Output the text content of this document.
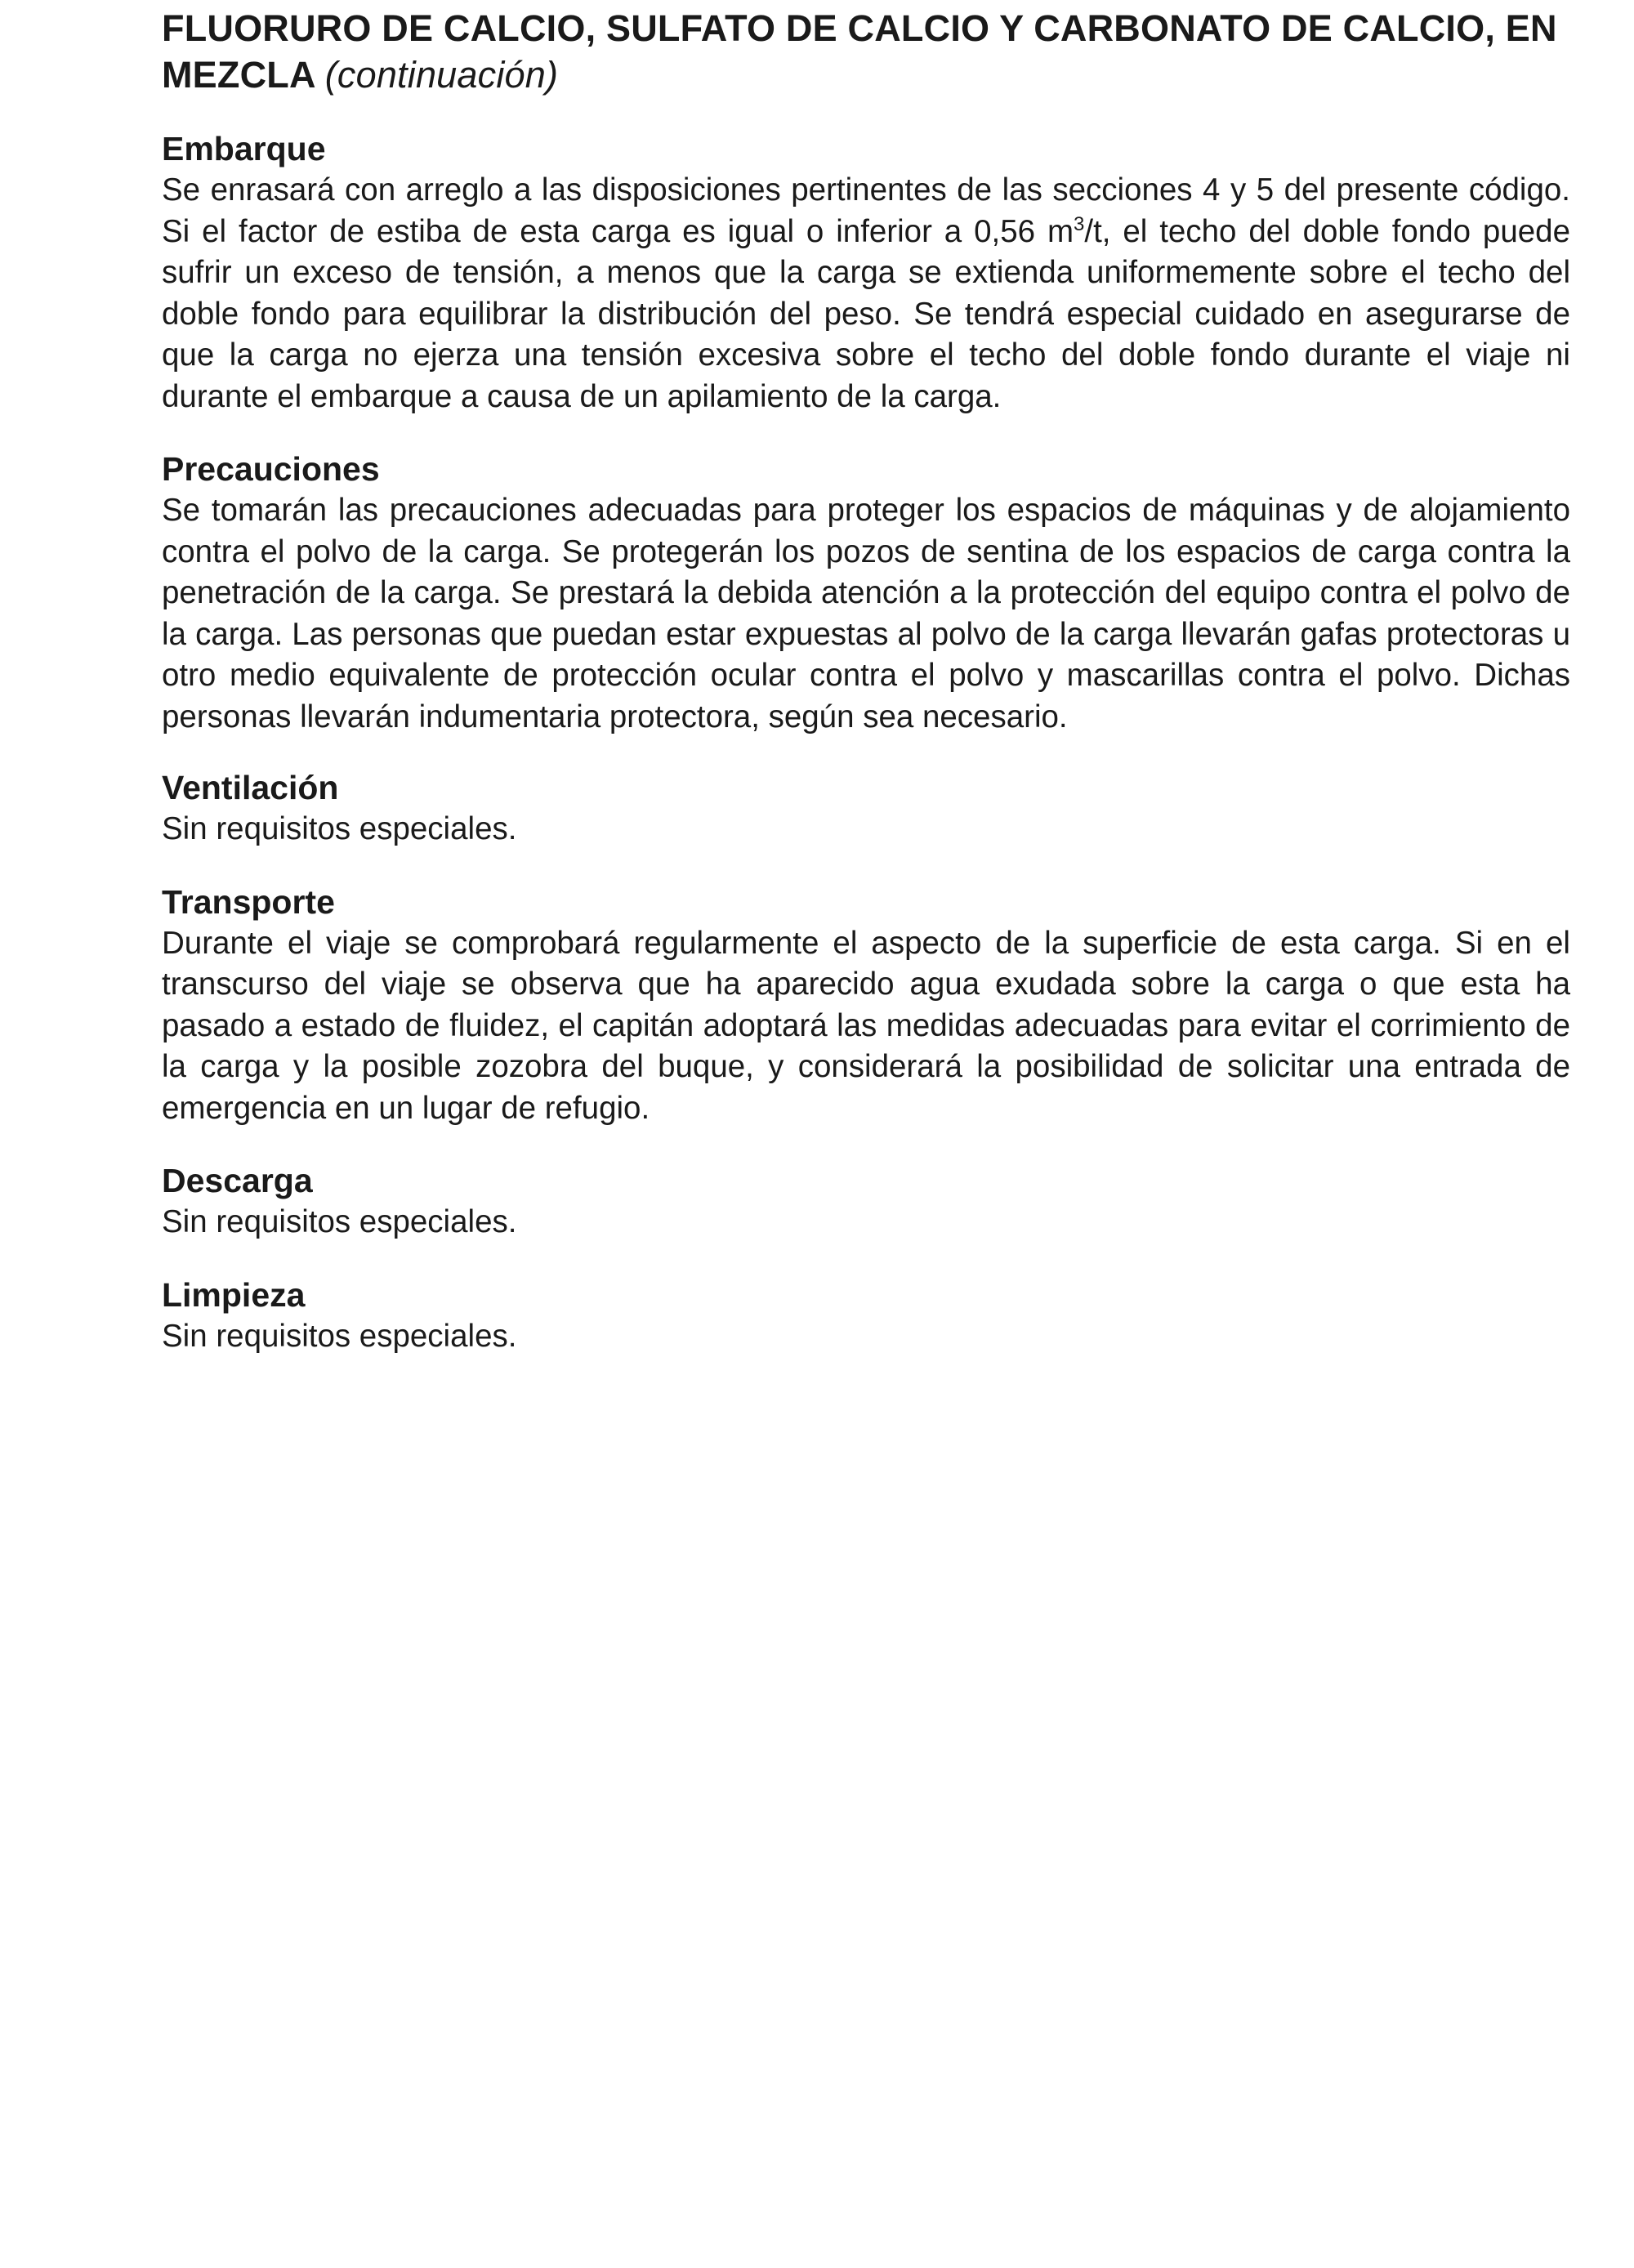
FLUORURO DE CALCIO, SULFATO DE CALCIO Y CARBONATO DE CALCIO, EN MEZCLA (continuación)
Embarque

Se enrasará con arreglo a las disposiciones pertinentes de las secciones 4 y 5 del presente código. Si el factor de estiba de esta carga es igual o inferior a 0,56 $m^3/t$, el techo del doble fondo puede sufrir un exceso de tensión, a menos que la carga se extienda uniformemente sobre el techo del doble fondo para equilibrar la distribución del peso. Se tendrá especial cuidado en asegurarse de que la carga no ejerza una tensión excesiva sobre el techo del doble fondo durante el viaje ni durante el embarque a causa de un apilamiento de la carga.

Precauciones

Se tomarán las precauciones adecuadas para proteger los espacios de máquinas y de alojamiento contra el polvo de la carga. Se protegerán los pozos de sentina de los espacios de carga contra la penetración de la carga. Se prestará la debida atención a la protección del equipo contra el polvo de la carga. Las personas que puedan estar expuestas al polvo de la carga llevarán gafas protectoras u otro medio equivalente de protección ocular contra el polvo y mascarillas contra el polvo. Dichas personas llevarán indumentaria protectora, según sea necesario.

Ventilación

Sin requisitos especiales.

Transporte

Durante el viaje se comprobará regularmente el aspecto de la superficie de esta carga. Si en el transcurso del viaje se observa que ha aparecido agua exudada sobre la carga o que esta ha pasado a estado de fluidez, el capitán adoptará las medidas adecuadas para evitar el corrimiento de la carga y la posible zozobra del buque, y considerará la posibilidad de solicitar una entrada de emergencia en un lugar de refugio.

Descarga

Sin requisitos especiales.

Limpieza

Sin requisitos especiales.
